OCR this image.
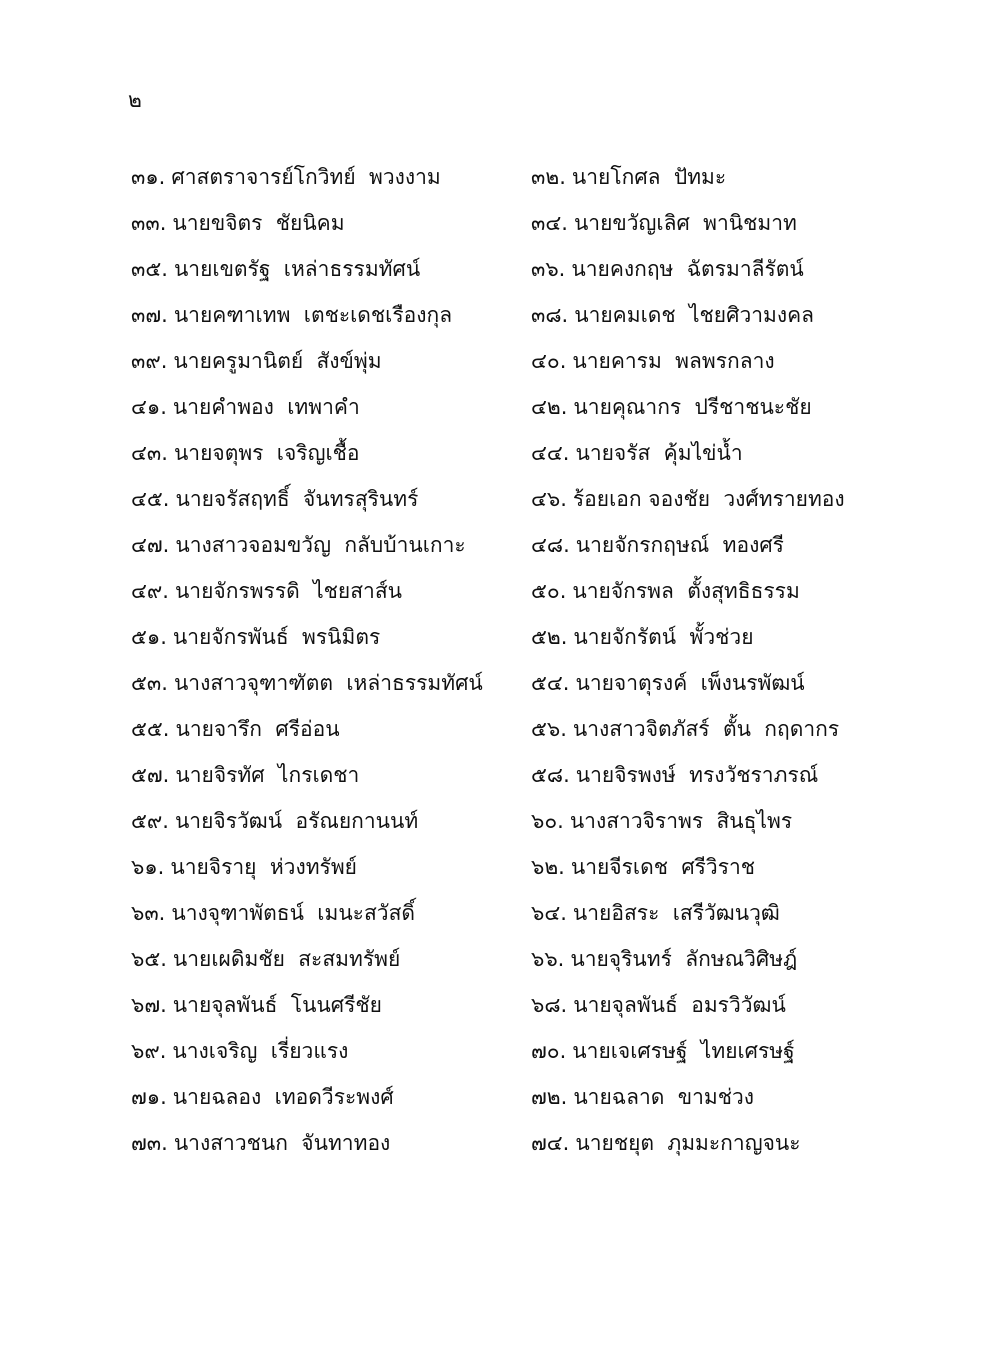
๒
๓๑. ศาสตราจารย์โกวิทย์  พวงงาม	๓๒. นายโกศล  ปัทมะ
๓๓. นายขจิตร  ชัยนิคม	๓๔. นายขวัญเลิศ  พานิชมาท
๓๕. นายเขตรัฐ  เหล่าธรรมทัศน์	๓๖. นายคงกฤษ  ฉัตรมาลีรัตน์
๓๗. นายคฑาเทพ  เตชะเดชเรืองกุล	๓๘. นายคมเดช  ไชยศิวามงคล
๓๙. นายครูมานิตย์  สังข์พุ่ม	๔๐. นายคารม  พลพรกลาง
๔๑. นายคำพอง  เทพาคำ	๔๒. นายคุณากร  ปรีชาชนะชัย
๔๓. นายจตุพร  เจริญเชื้อ	๔๔. นายจรัส  คุ้มไข่น้ำ
๔๕. นายจรัสฤทธิ์  จันทรสุรินทร์	๔๖. ร้อยเอก จองชัย  วงศ์ทรายทอง
๔๗. นางสาวจอมขวัญ  กลับบ้านเกาะ	๔๘. นายจักรกฤษณ์  ทองศรี
๔๙. นายจักรพรรดิ  ไชยสาส์น	๕๐. นายจักรพล  ตั้งสุทธิธรรม
๕๑. นายจักรพันธ์  พรนิมิตร	๕๒. นายจักรัตน์  พั้วช่วย
๕๓. นางสาวจุฑาฑัตต  เหล่าธรรมทัศน์ ๕๔. นายจาตุรงค์  เพ็งนรพัฒน์
๕๕. นายจารึก  ศรีอ่อน	๕๖. นางสาวจิตภัสร์  ตั้น  กฤดากร
๕๗. นายจิรทัศ  ไกรเดชา	๕๘. นายจิรพงษ์  ทรงวัชราภรณ์
๕๙. นายจิรวัฒน์  อรัณยกานนท์	๖๐. นางสาวจิราพร  สินธุไพร
๖๑. นายจิรายุ  ห่วงทรัพย์	๖๒. นายจีรเดช  ศรีวิราช
๖๓. นางจุฑาพัตธน์  เมนะสวัสดิ์	๖๔. นายอิสระ  เสรีวัฒนวุฒิ
๖๕. นายเผดิมชัย  สะสมทรัพย์	๖๖. นายจุรินทร์  ลักษณวิศิษฎ์
๖๗. นายจุลพันธ์  โนนศรีชัย	๖๘. นายจุลพันธ์  อมรวิวัฒน์
๖๙. นางเจริญ  เรี่ยวแรง	๗๐. นายเจเศรษฐ์  ไทยเศรษฐ์
๗๑. นายฉลอง  เทอดวีระพงศ์	๗๒. นายฉลาด  ขามช่วง
๗๓. นางสาวชนก  จันทาทอง	๗๔. นายชยุต  ภุมมะกาญจนะ
